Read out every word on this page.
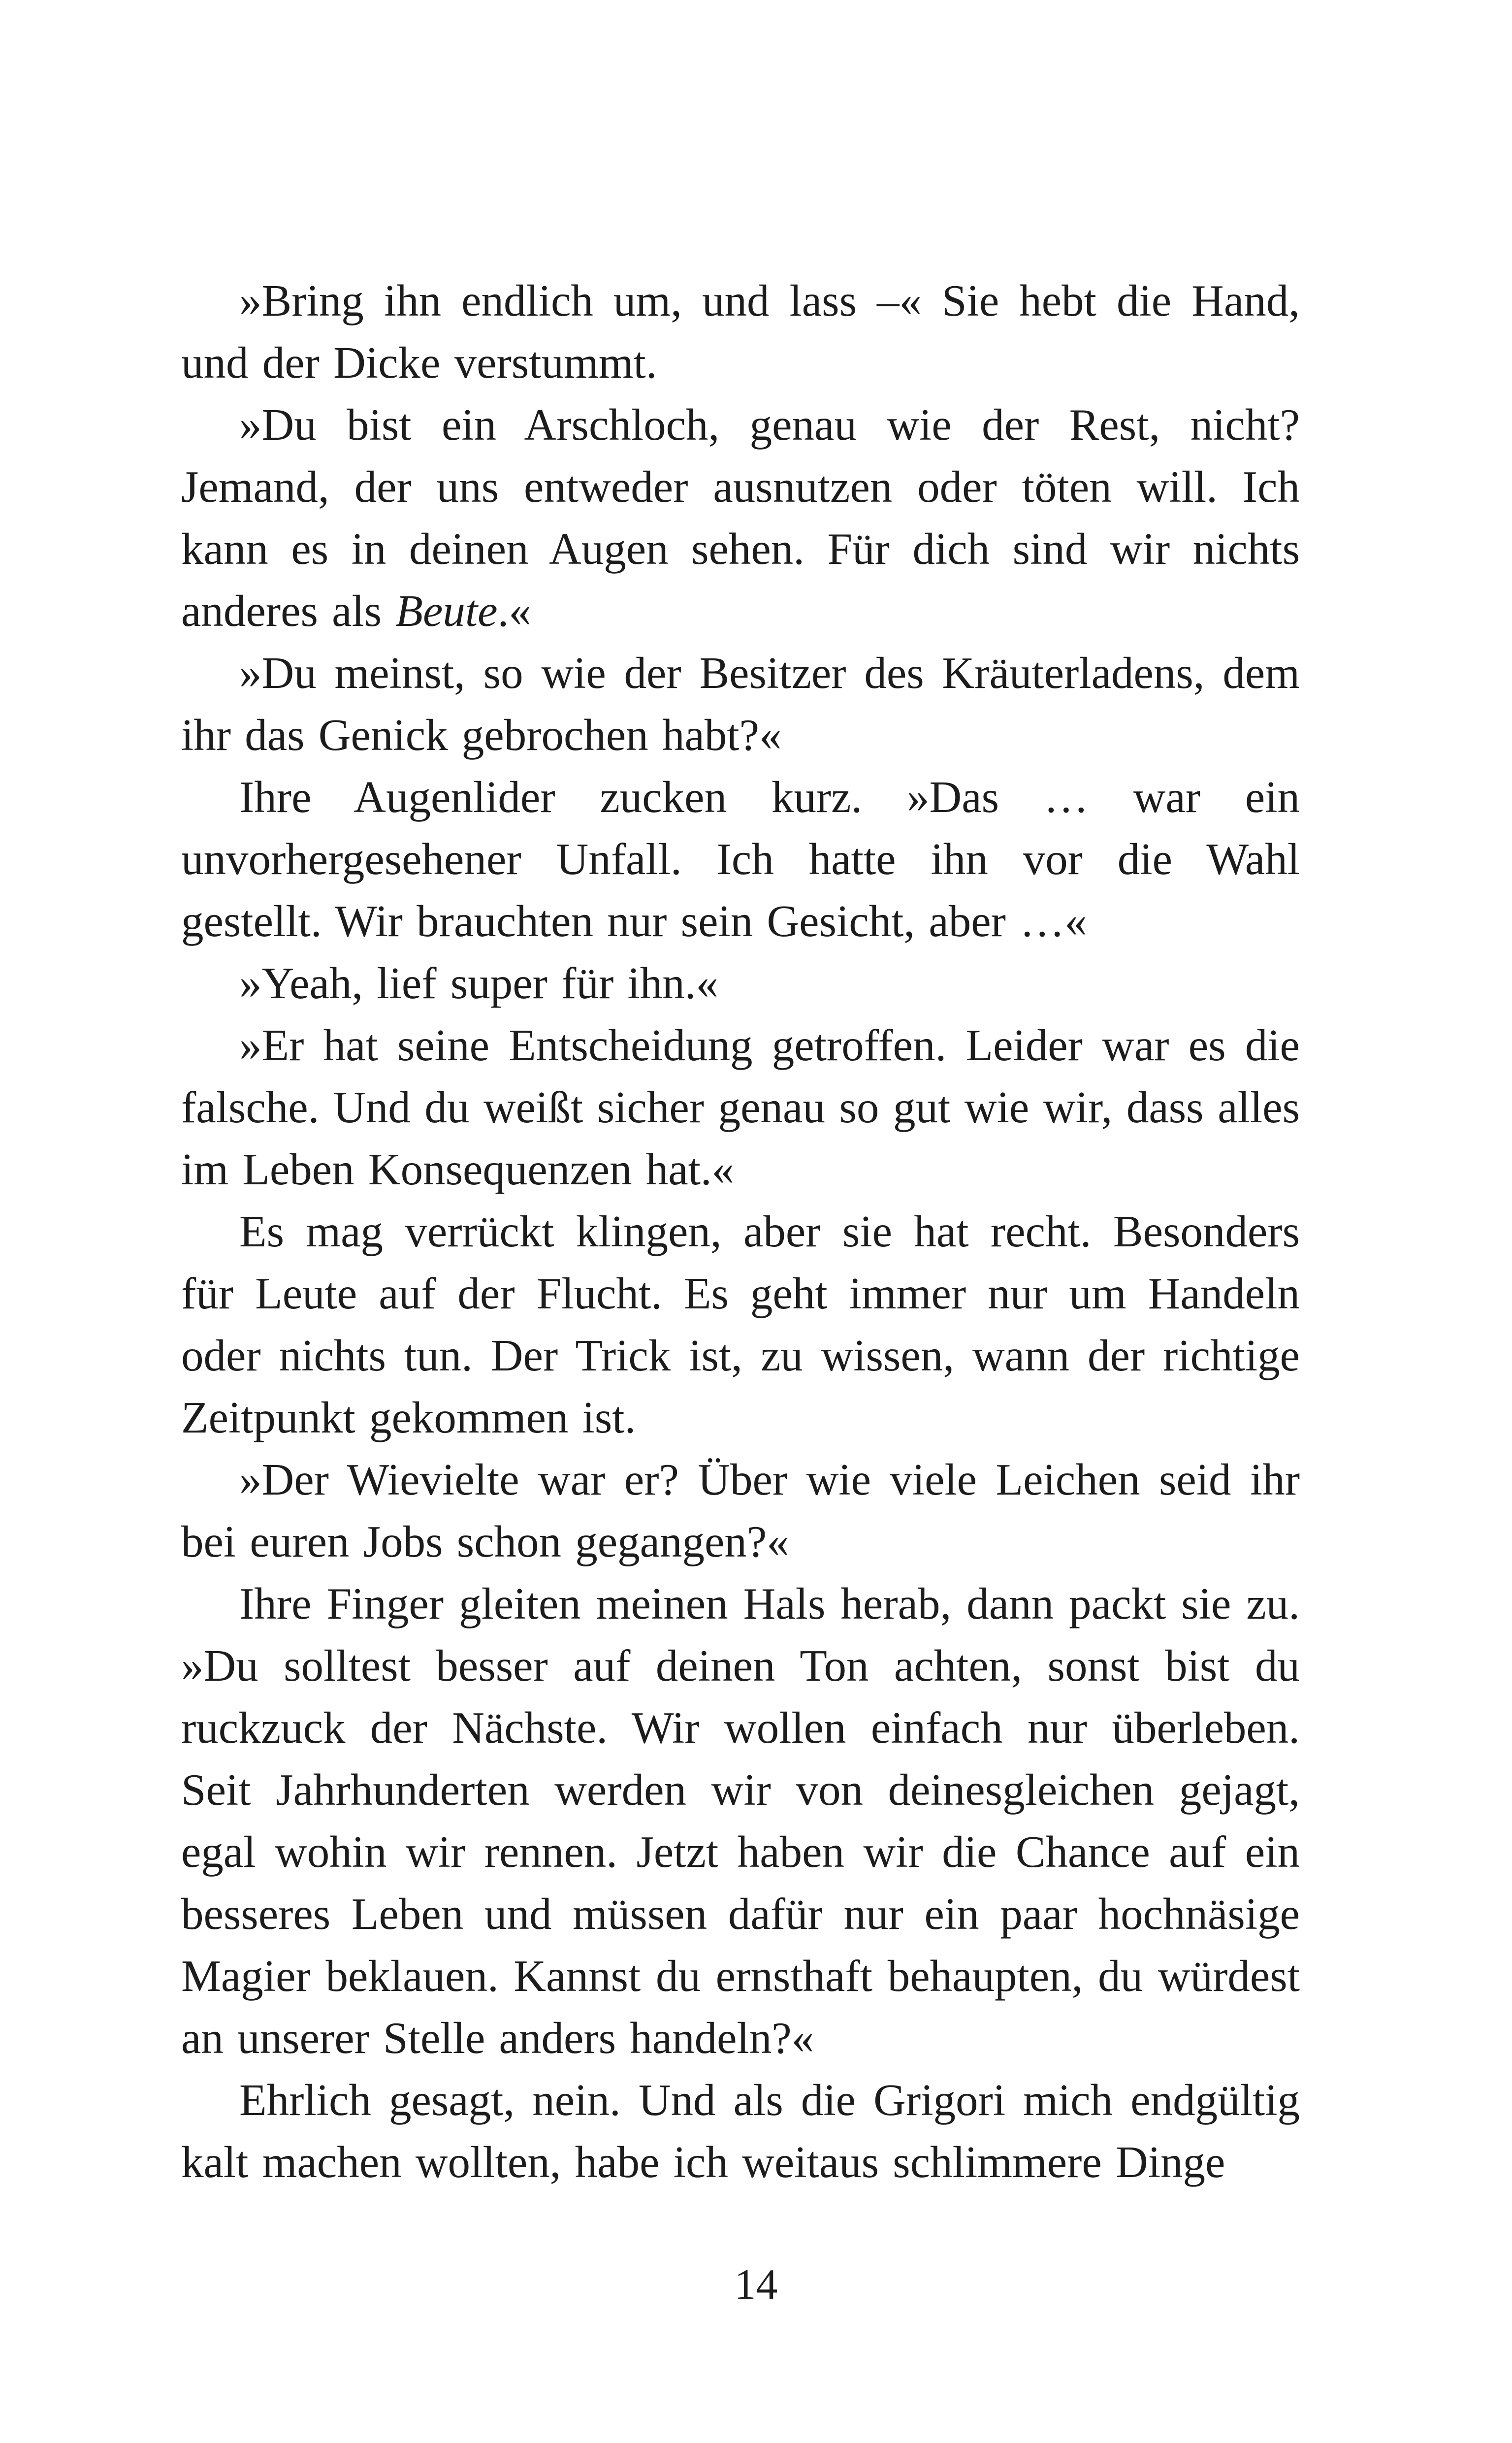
»Bring ihn endlich um, und lass –« Sie hebt die Hand, und der Dicke verstummt.

»Du bist ein Arschloch, genau wie der Rest, nicht? Jemand, der uns entweder ausnutzen oder töten will. Ich kann es in deinen Augen sehen. Für dich sind wir nichts anderes als Beute.«

»Du meinst, so wie der Besitzer des Kräuterladens, dem ihr das Genick gebrochen habt?«

Ihre Augenlider zucken kurz. »Das … war ein unvorhergesehener Unfall. Ich hatte ihn vor die Wahl gestellt. Wir brauchten nur sein Gesicht, aber …«

»Yeah, lief super für ihn.«

»Er hat seine Entscheidung getroffen. Leider war es die falsche. Und du weißt sicher genau so gut wie wir, dass alles im Leben Konsequenzen hat.«

Es mag verrückt klingen, aber sie hat recht. Besonders für Leute auf der Flucht. Es geht immer nur um Handeln oder nichts tun. Der Trick ist, zu wissen, wann der richtige Zeitpunkt gekommen ist.

»Der Wievielte war er? Über wie viele Leichen seid ihr bei euren Jobs schon gegangen?«

Ihre Finger gleiten meinen Hals herab, dann packt sie zu. »Du solltest besser auf deinen Ton achten, sonst bist du ruckzuck der Nächste. Wir wollen einfach nur überleben. Seit Jahrhunderten werden wir von deinesgleichen gejagt, egal wohin wir rennen. Jetzt haben wir die Chance auf ein besseres Leben und müssen dafür nur ein paar hochnäsige Magier beklauen. Kannst du ernsthaft behaupten, du würdest an unserer Stelle anders handeln?«

Ehrlich gesagt, nein. Und als die Grigori mich endgültig kalt machen wollten, habe ich weitaus schlimmere Dinge

14
